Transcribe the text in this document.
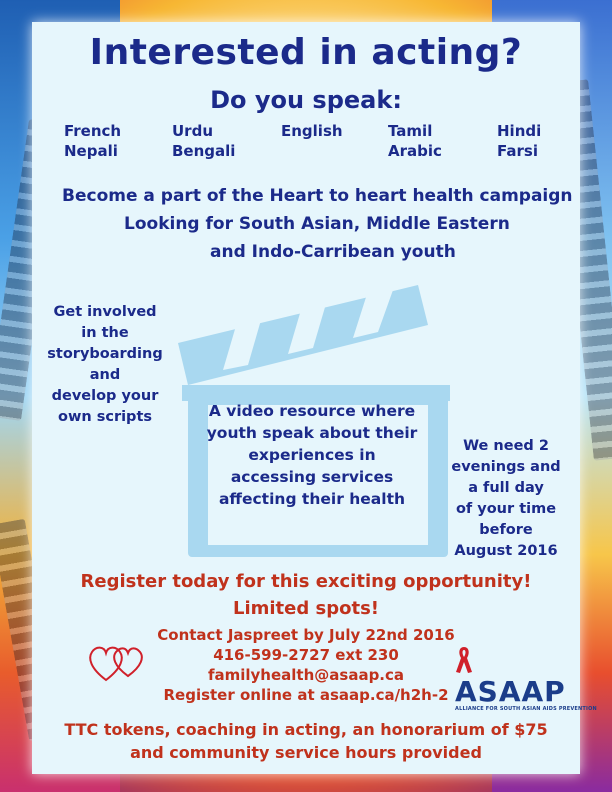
Interested in acting?
Do you speak:
French
Nepali
Urdu
Bengali
English	Tamil
Arabic
Hindi
Farsi
Become a part of the Heart to heart health campaign
Looking for South Asian, Middle Eastern
and Indo-Carribean youth
Get involved
in the
storyboarding
and
develop your
own scripts	A video resource where
youth speak about their
experiences in
accessing services
affecting their health
We need 2
evenings and
a full day
of your time
before
August 2016
Register today for this exciting opportunity!
Limited spots!
Contact Jaspreet by July 22nd 2016
416-599-2727 ext 230
familyhealth@asaap.ca
Register online at asaap.ca/h2h-2 ASAAP
ALLIANCE FOR SOUTH ASIAN AIDS PREVENTION
TTC tokens, coaching in acting, an honorarium of $75
and community service hours provided
